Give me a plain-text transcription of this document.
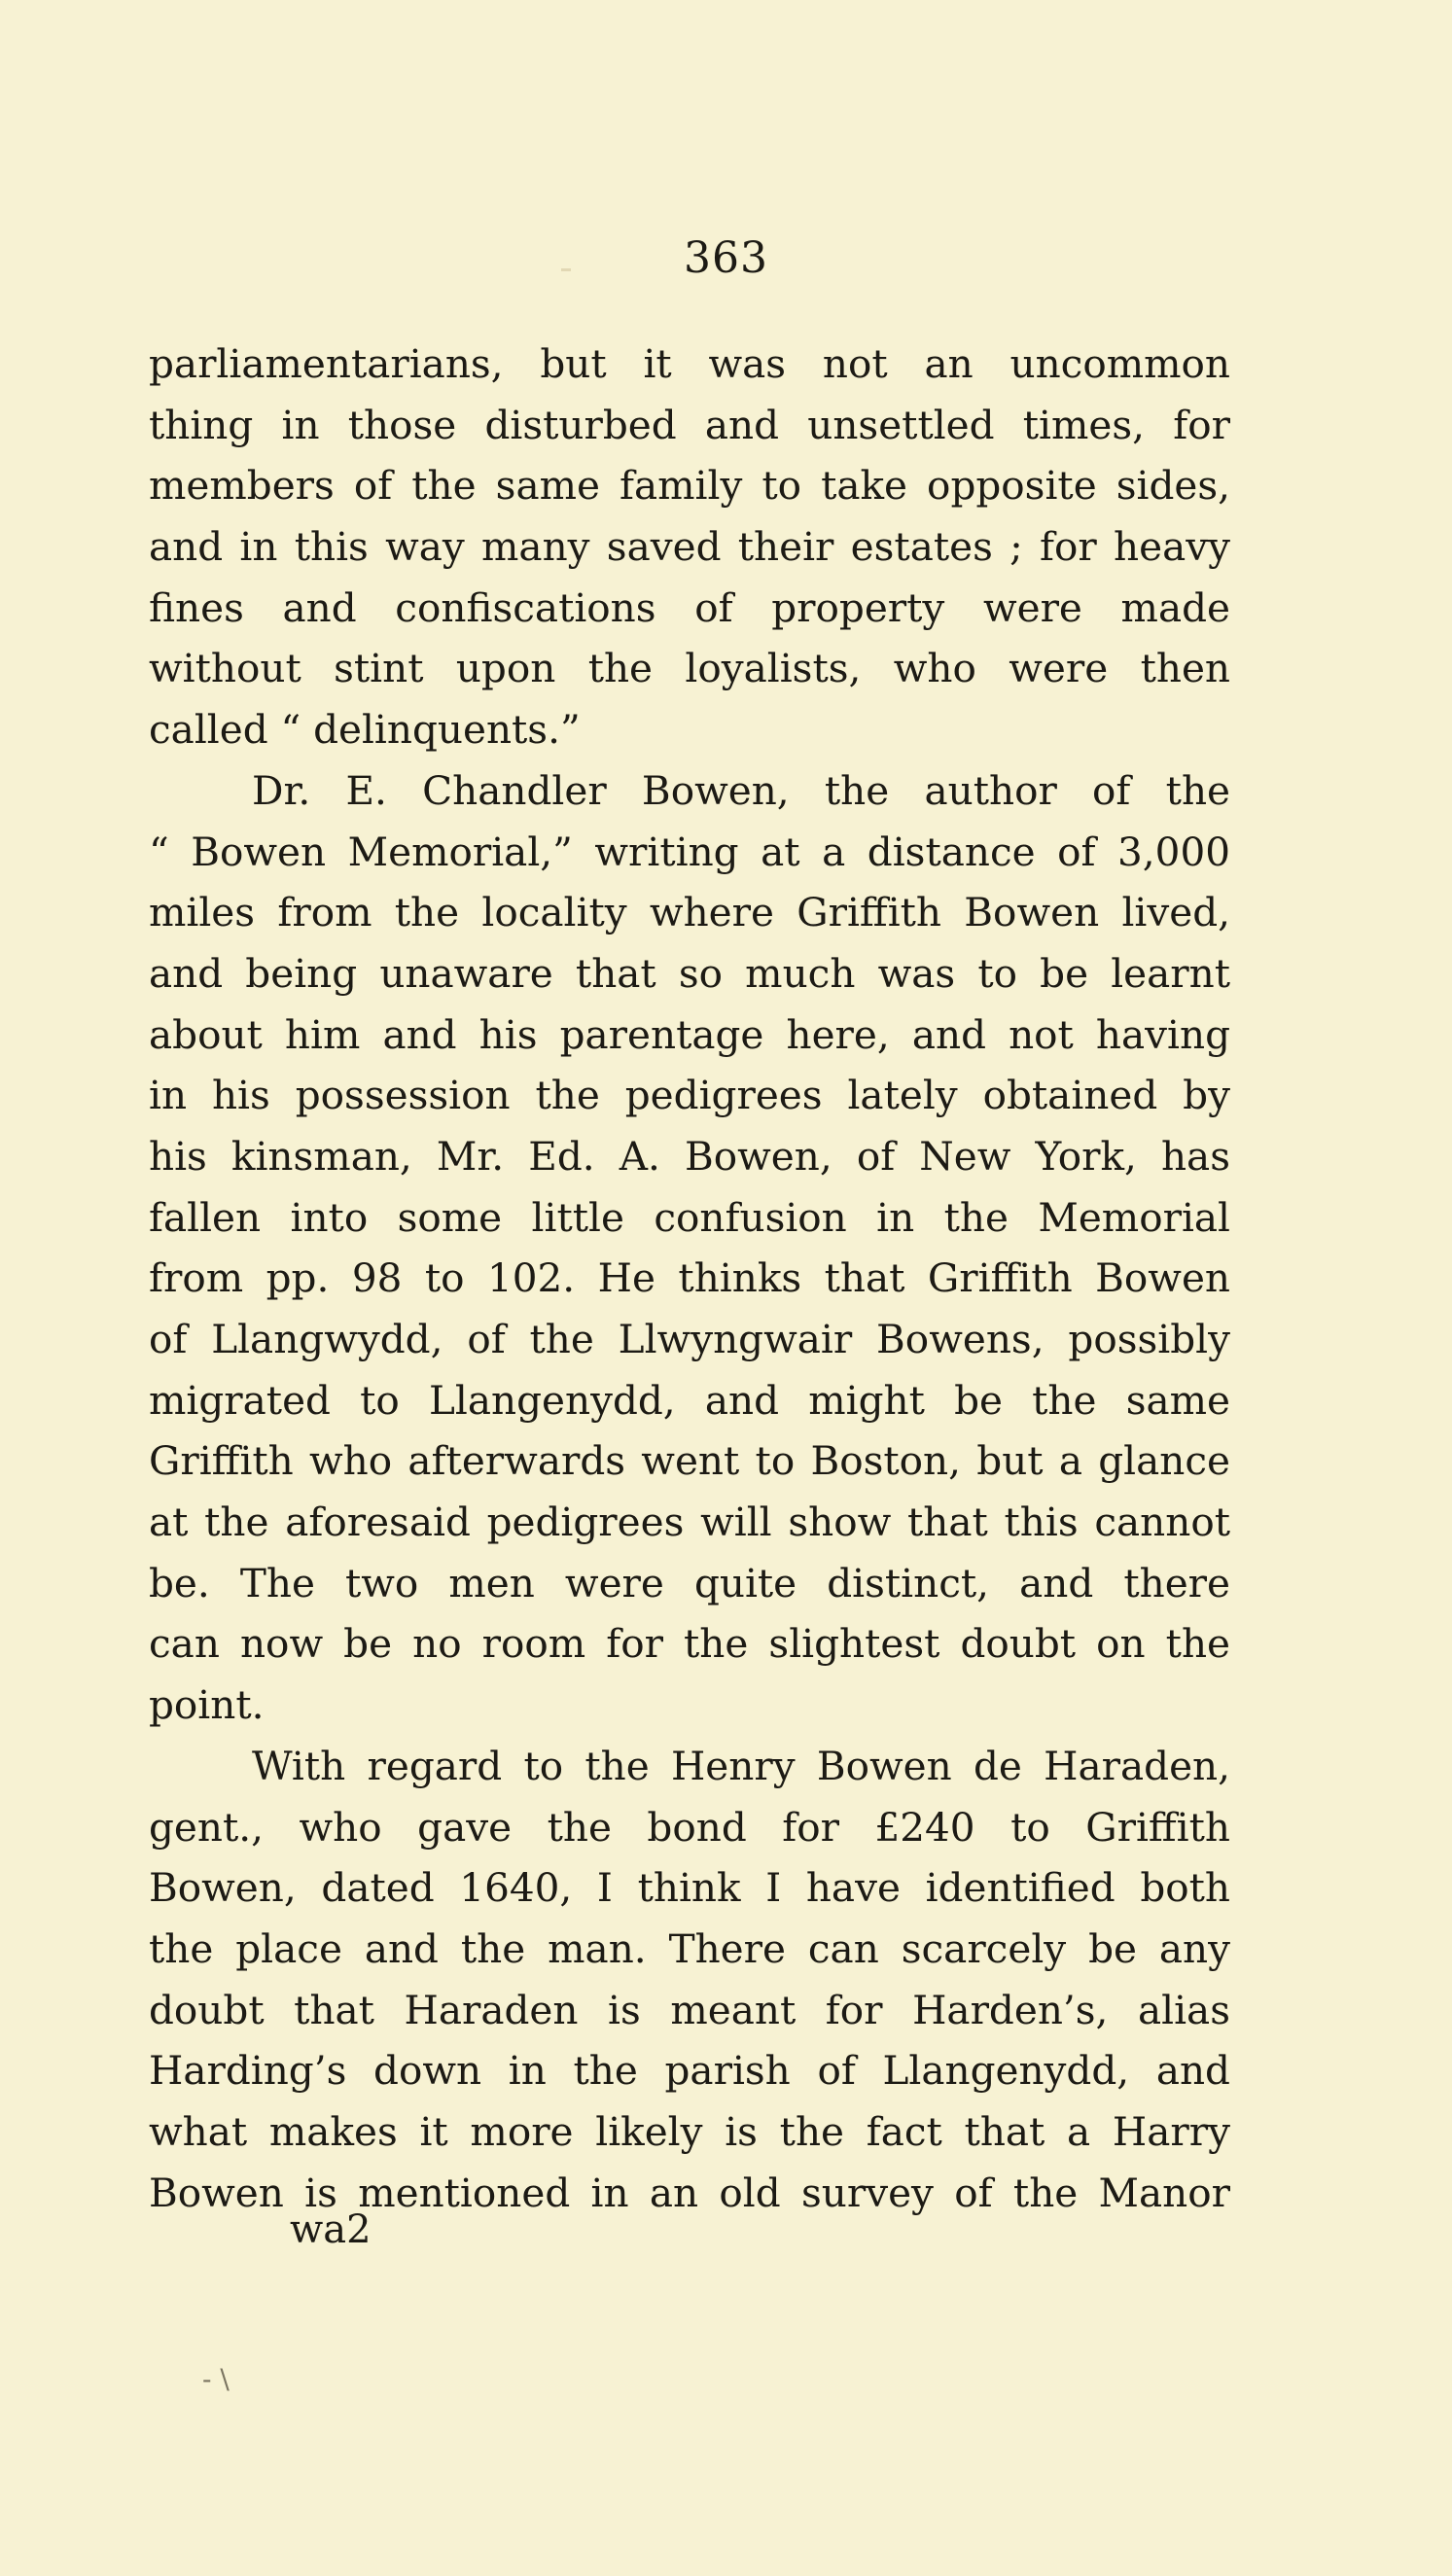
363
parliamentarians, but it was not an uncommon
thing in those disturbed and unsettled times, for
members of the same family to take opposite sides,
and in this way many saved their estates ; for heavy
fines and confiscations of property were made
without stint upon the loyalists, who were then
called “ delinquents.”
Dr. E. Chandler Bowen, the author of the
“ Bowen Memorial,” writing at a distance of 3,000
miles from the locality where Griffith Bowen lived,
and being unaware that so much was to be learnt
about him and his parentage here, and not having
in his possession the pedigrees lately obtained by
his kinsman, Mr. Ed. A. Bowen, of New York, has
fallen into some little confusion in the Memorial
from pp. 98 to 102. He thinks that Griffith Bowen
of Llangwydd, of the Llwyngwair Bowens, possibly
migrated to Llangenydd, and might be the same
Griffith who afterwards went to Boston, but a glance
at the aforesaid pedigrees will show that this cannot
be. The two men were quite distinct, and there
can now be no room for the slightest doubt on the
point.
With regard to the Henry Bowen de Haraden,
gent., who gave the bond for £240 to Griffith
Bowen, dated 1640, I think I have identified both
the place and the man. There can scarcely be any
doubt that Haraden is meant for Harden’s, alias
Harding’s down in the parish of Llangenydd, and
what makes it more likely is the fact that a Harry
Bowen is mentioned in an old survey of the Manor
wa2
- \
